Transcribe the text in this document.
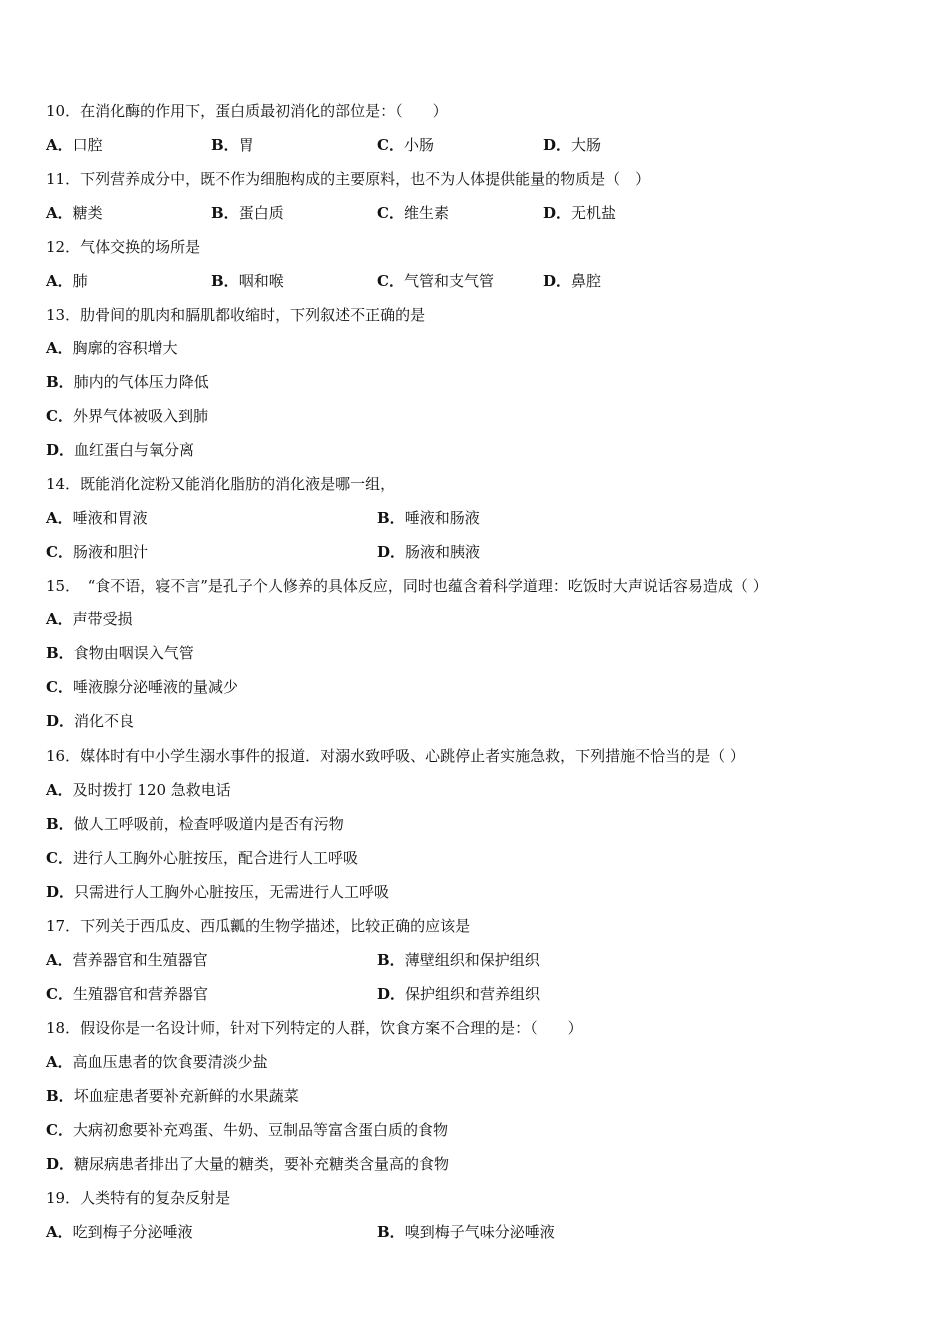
10．在消化酶的作用下，蛋白质最初消化的部位是：（　　）
A．口腔	B．胃	C．小肠	D．大肠
11．下列营养成分中，既不作为细胞构成的主要原料，也不为人体提供能量的物质是（　）
A．糖类	B．蛋白质	C．维生素	D．无机盐
12．气体交换的场所是
A．肺	B．咽和喉	C．气管和支气管	D．鼻腔
13．肋骨间的肌肉和膈肌都收缩时，下列叙述不正确的是
A．胸廓的容积增大
B．肺内的气体压力降低
C．外界气体被吸入到肺
D．血红蛋白与氧分离
14．既能消化淀粉又能消化脂肪的消化液是哪一组，
A．唾液和胃液	B．唾液和肠液
C．肠液和胆汁	D．肠液和胰液
15．　“食不语，寝不言”是孔子个人修养的具体反应，同时也蕴含着科学道理：吃饭时大声说话容易造成（ ）
A．声带受损
B．食物由咽误入气管
C．唾液腺分泌唾液的量减少
D．消化不良
16．媒体时有中小学生溺水事件的报道．对溺水致呼吸、心跳停止者实施急救，下列措施不恰当的是（ ）
A．及时拨打 120 急救电话
B．做人工呼吸前，检查呼吸道内是否有污物
C．进行人工胸外心脏按压，配合进行人工呼吸
D．只需进行人工胸外心脏按压，无需进行人工呼吸
17．下列关于西瓜皮、西瓜瓤的生物学描述，比较正确的应该是
A．营养器官和生殖器官	B．薄壁组织和保护组织
C．生殖器官和营养器官	D．保护组织和营养组织
18．假设你是一名设计师，针对下列特定的人群，饮食方案不合理的是：（　　）
A．高血压患者的饮食要清淡少盐
B．坏血症患者要补充新鲜的水果蔬菜
C．大病初愈要补充鸡蛋、牛奶、豆制品等富含蛋白质的食物
D．糖尿病患者排出了大量的糖类，要补充糖类含量高的食物
19．人类特有的复杂反射是
A．吃到梅子分泌唾液	B．嗅到梅子气味分泌唾液
